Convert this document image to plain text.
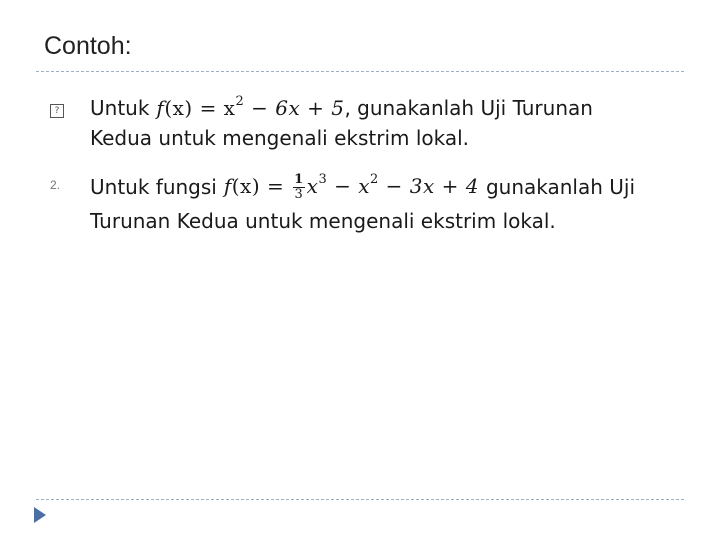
Contoh:
? Untuk $f(x) = x^2 - 6x + 5$ , gunakanlah Uji Turunan
Kedua untuk mengenali ekstrim lokal.
2. Untuk fungsi $f(x) = \frac{1}{3} x^3 - x^2 - 3x + 4$ gunakanlah Uji
Turunan Kedua untuk mengenali ekstrim lokal.
